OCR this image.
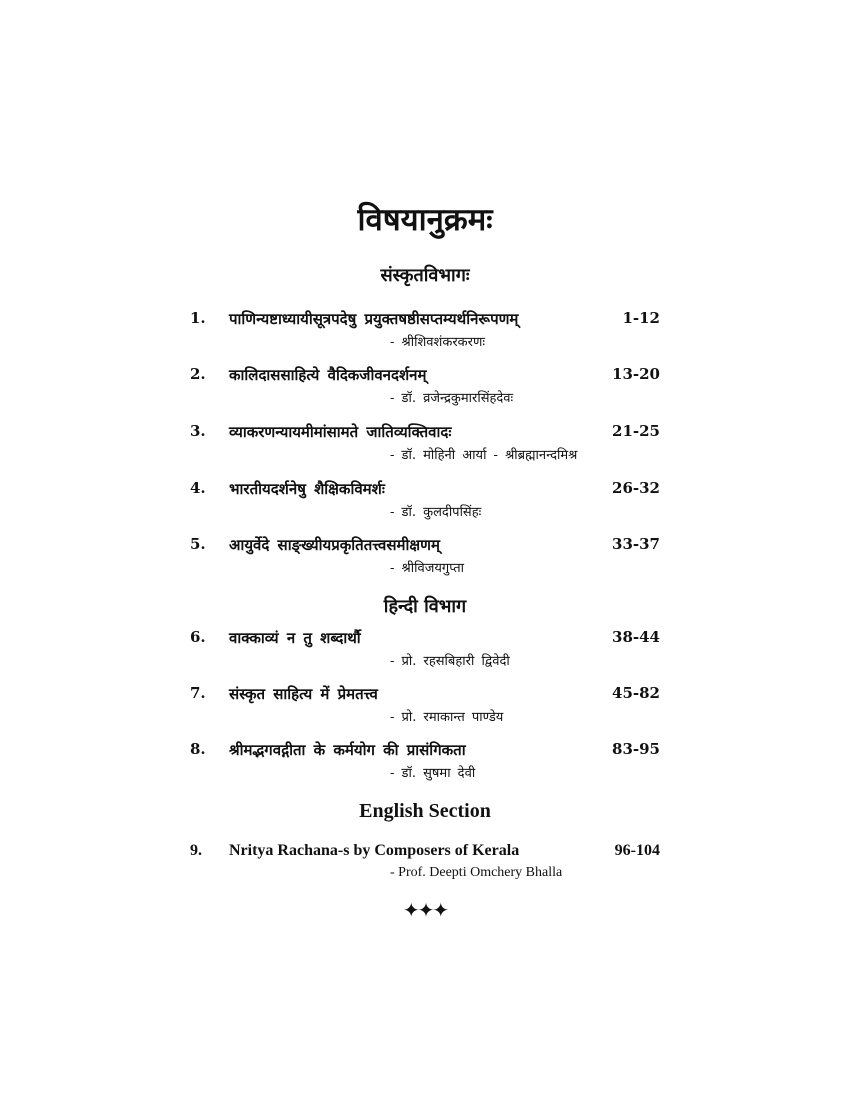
विषयानुक्रमः
संस्कृतविभागः
1. पाणिन्यष्टाध्यायीसूत्रपदेषु प्रयुक्तषष्ठीसप्तम्यर्थनिरूपणम्	1-12
- श्रीशिवशंकरकरणः
2. कालिदाससाहित्ये वैदिकजीवनदर्शनम्	13-20
- डॉ. व्रजेन्द्रकुमारसिंहदेवः
3. व्याकरणन्यायमीमांसामते जातिव्यक्तिवादः	21-25
- डॉ. मोहिनी आर्या - श्रीब्रह्मानन्दमिश्र
4. भारतीयदर्शनेषु शैक्षिकविमर्शः	26-32
- डॉ. कुलदीपसिंहः
5. आयुर्वेदे साङ्ख्यीयप्रकृतितत्त्वसमीक्षणम्	33-37
- श्रीविजयगुप्ता
हिन्दी विभाग
6. वाक्काव्यं न तु शब्दार्थौ	38-44
- प्रो. रहसबिहारी द्विवेदी
7. संस्कृत साहित्य में प्रेमतत्त्व	45-82
- प्रो. रमाकान्त पाण्डेय
8. श्रीमद्भगवद्गीता के कर्मयोग की प्रासंगिकता	83-95
- डॉ. सुषमा देवी
English Section
9. Nritya Rachana-s by Composers of Kerala	96-104
- Prof. Deepti Omchery Bhalla
✦✦✦
